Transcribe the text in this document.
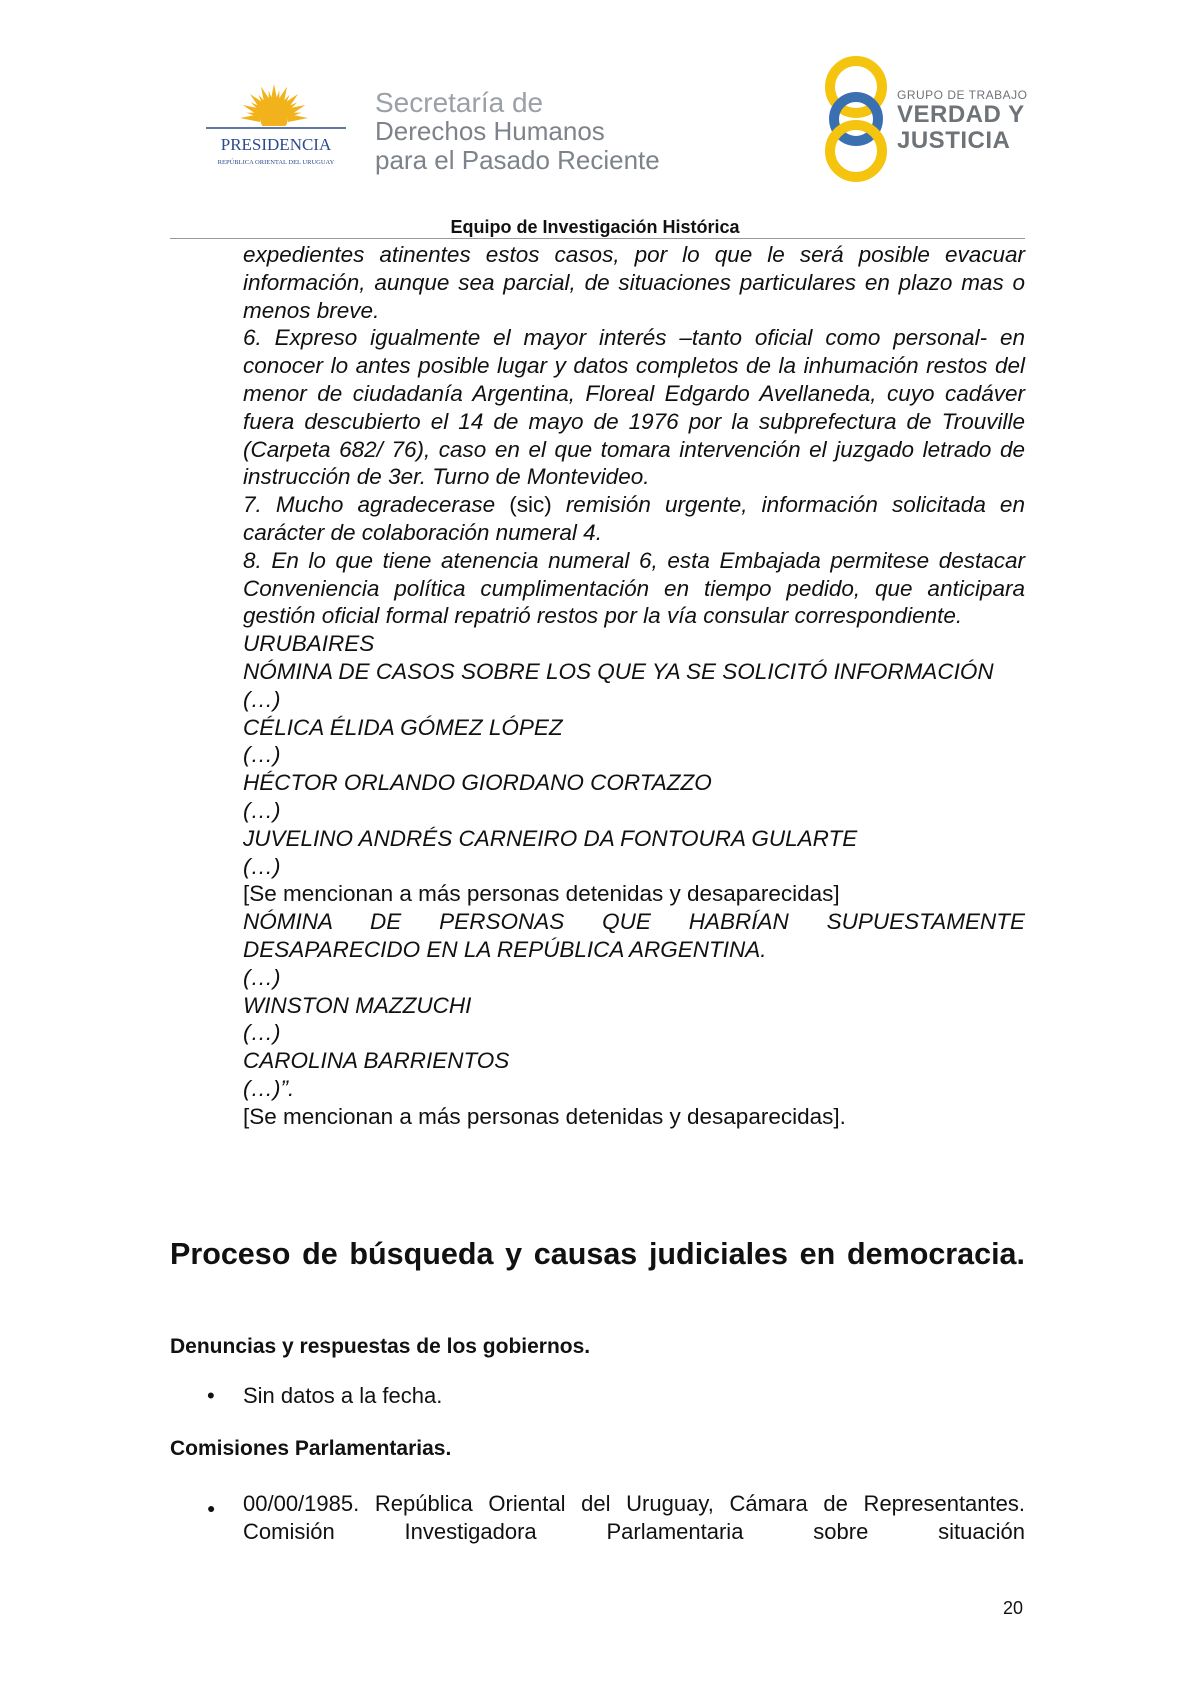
PRESIDENCIA
REPÚBLICA ORIENTAL DEL URUGUAY
Secretaría de
Derechos Humanos
para el Pasado Reciente
GRUPO DE TRABAJO
VERDAD Y
JUSTICIA
Equipo de Investigación Histórica

expedientes atinentes estos casos, por lo que le será posible evacuar información, aunque sea parcial, de situaciones particulares en plazo mas o menos breve.

6. Expreso igualmente el mayor interés –tanto oficial como personal- en conocer lo antes posible lugar y datos completos de la inhumación restos del menor de ciudadanía Argentina, Floreal Edgardo Avellaneda, cuyo cadáver fuera descubierto el 14 de mayo de 1976 por la subprefectura de Trouville (Carpeta 682/ 76), caso en el que tomara intervención el juzgado letrado de instrucción de 3er. Turno de Montevideo.

7. Mucho agradecerase (sic) remisión urgente, información solicitada en carácter de colaboración numeral 4.

8. En lo que tiene atenencia numeral 6, esta Embajada permitese destacar Conveniencia política cumplimentación en tiempo pedido, que anticipara gestión oficial formal repatrió restos por la vía consular correspondiente.

URUBAIRES

NÓMINA DE CASOS SOBRE LOS QUE YA SE SOLICITÓ INFORMACIÓN

(…)

CÉLICA ÉLIDA GÓMEZ LÓPEZ

(…)

HÉCTOR ORLANDO GIORDANO CORTAZZO

(…)

JUVELINO ANDRÉS CARNEIRO DA FONTOURA GULARTE

(…)

[Se mencionan a más personas detenidas y desaparecidas]

NÓMINA DE PERSONAS QUE HABRÍAN SUPUESTAMENTE DESAPARECIDO EN LA REPÚBLICA ARGENTINA.

(…)

WINSTON MAZZUCHI

(…)

CAROLINA BARRIENTOS

(…)”.

[Se mencionan a más personas detenidas y desaparecidas].

Proceso de búsqueda y causas judiciales en democracia.
Denuncias y respuestas de los gobiernos.
• Sin datos a la fecha.
Comisiones Parlamentarias.
● 00/00/1985. República Oriental del Uruguay, Cámara de Representantes. Comisión Investigadora Parlamentaria sobre situación
20
